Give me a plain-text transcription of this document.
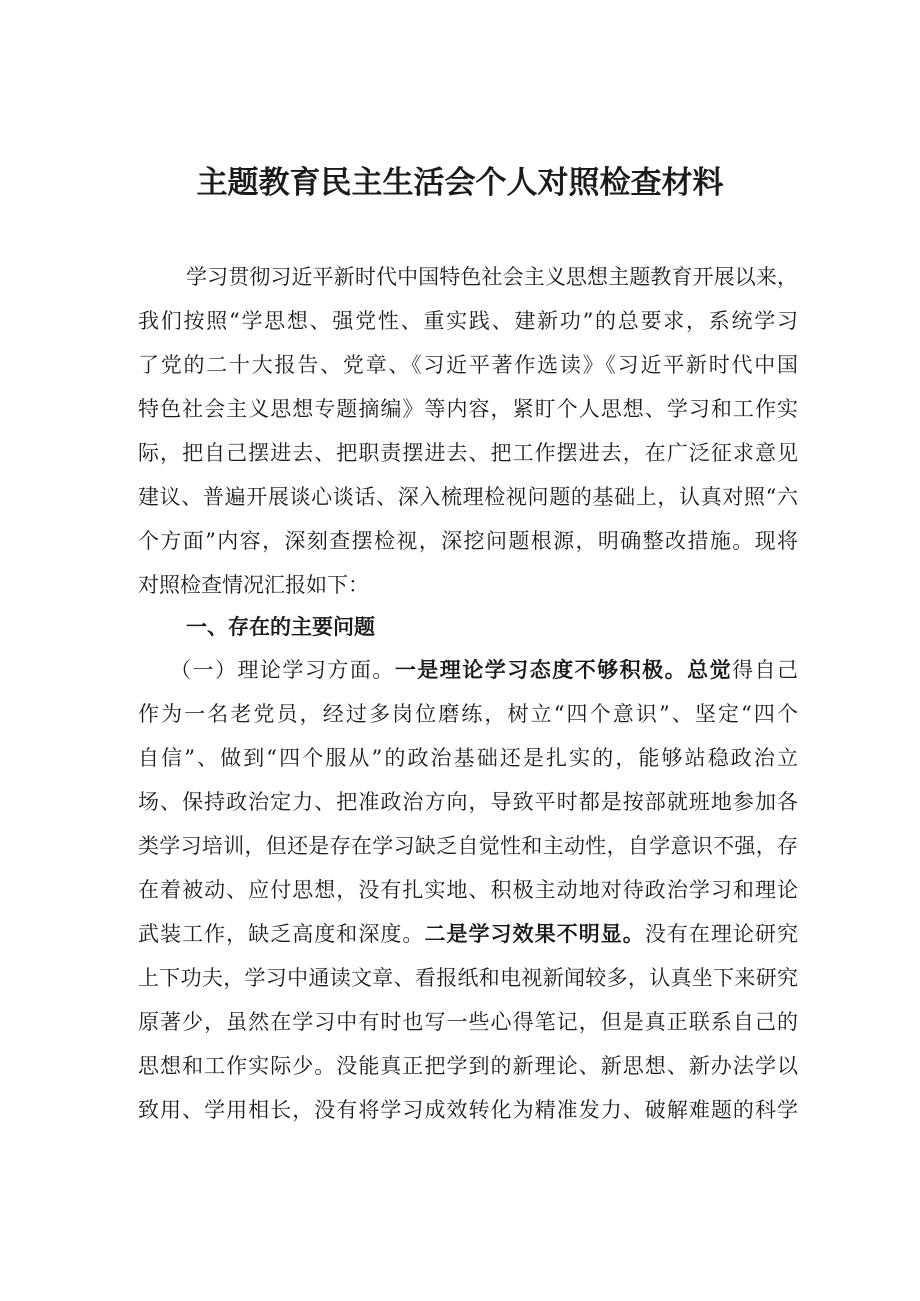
主题教育民主生活会个人对照检查材料
学习贯彻习近平新时代中国特色社会主义思想主题教育开展以来，
我们按照“学思想、强党性、重实践、建新功”的总要求，系统学习
了党的二十大报告、党章、《习近平著作选读》《习近平新时代中国
特色社会主义思想专题摘编》等内容，紧盯个人思想、学习和工作实
际，把自己摆进去、把职责摆进去、把工作摆进去，在广泛征求意见
建议、普遍开展谈心谈话、深入梳理检视问题的基础上，认真对照“六
个方面”内容，深刻查摆检视，深挖问题根源，明确整改措施。现将
对照检查情况汇报如下：
一、存在的主要问题
（一）理论学习方面。一是理论学习态度不够积极。总觉得自己
作为一名老党员，经过多岗位磨练，树立“四个意识”、坚定“四个
自信”、做到“四个服从”的政治基础还是扎实的，能够站稳政治立
场、保持政治定力、把准政治方向，导致平时都是按部就班地参加各
类学习培训，但还是存在学习缺乏自觉性和主动性，自学意识不强，存
在着被动、应付思想，没有扎实地、积极主动地对待政治学习和理论
武装工作，缺乏高度和深度。二是学习效果不明显。没有在理论研究
上下功夫，学习中通读文章、看报纸和电视新闻较多，认真坐下来研究
原著少，虽然在学习中有时也写一些心得笔记，但是真正联系自己的
思想和工作实际少。没能真正把学到的新理论、新思想、新办法学以
致用、学用相长，没有将学习成效转化为精准发力、破解难题的科学
